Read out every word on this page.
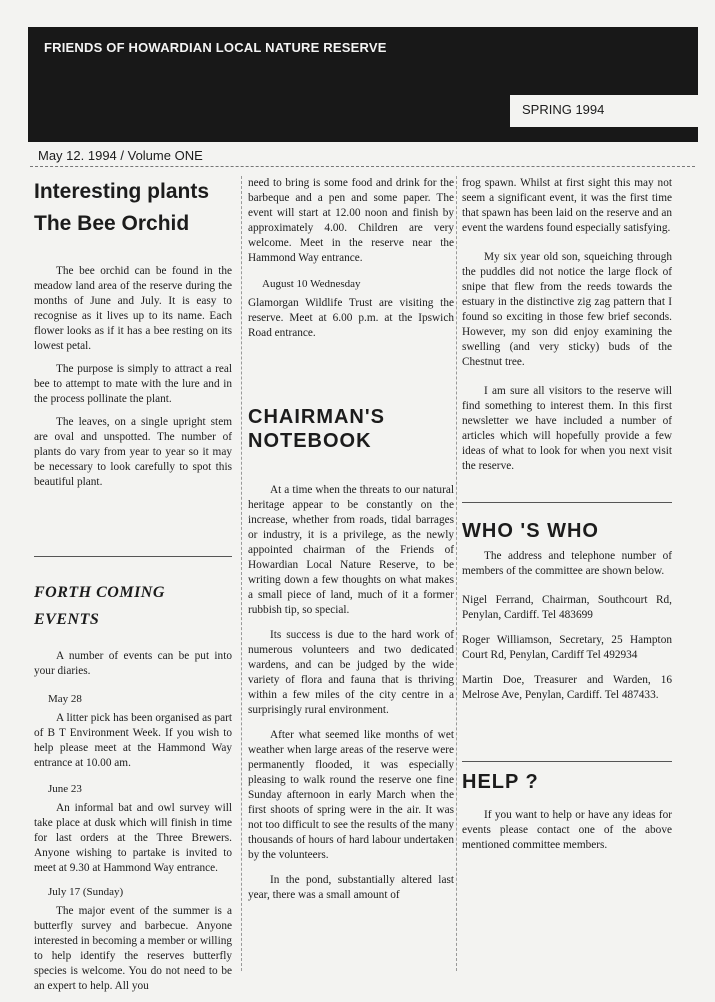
FRIENDS OF HOWARDIAN LOCAL NATURE RESERVE
SPRING 1994
May 12. 1994 / Volume ONE
Interesting plants
The Bee Orchid

The bee orchid can be found in the meadow land area of the reserve during the months of June and July. It is easy to recognise as it lives up to its name. Each flower looks as if it has a bee resting on its lowest petal.

The purpose is simply to attract a real bee to attempt to mate with the lure and in the process pollinate the plant.

The leaves, on a single upright stem are oval and unspotted. The number of plants do vary from year to year so it may be necessary to look carefully to spot this beautiful plant.

FORTH COMING
EVENTS

A number of events can be put into your diaries.

May 28

A litter pick has been organised as part of B T Environment Week. If you wish to help please meet at the Hammond Way entrance at 10.00 am.

June 23

An informal bat and owl survey will take place at dusk which will finish in time for last orders at the Three Brewers. Anyone wishing to partake is invited to meet at 9.30 at Hammond Way entrance.

July 17 (Sunday)

The major event of the summer is a butterfly survey and barbecue. Anyone interested in becoming a member or willing to help identify the reserves butterfly species is welcome. You do not need to be an expert to help. All you

need to bring is some food and drink for the barbeque and a pen and some paper. The event will start at 12.00 noon and finish by approximately 4.00. Children are very welcome. Meet in the reserve near the Hammond Way entrance.

August 10 Wednesday

Glamorgan Wildlife Trust are visiting the reserve. Meet at 6.00 p.m. at the Ipswich Road entrance.

CHAIRMAN'S
NOTEBOOK

At a time when the threats to our natural heritage appear to be constantly on the increase, whether from roads, tidal barrages or industry, it is a privilege, as the newly appointed chairman of the Friends of Howardian Local Nature Reserve, to be writing down a few thoughts on what makes a small piece of land, much of it a former rubbish tip, so special.

Its success is due to the hard work of numerous volunteers and two dedicated wardens, and can be judged by the wide variety of flora and fauna that is thriving within a few miles of the city centre in a surprisingly rural environment.

After what seemed like months of wet weather when large areas of the reserve were permanently flooded, it was especially pleasing to walk round the reserve one fine Sunday afternoon in early March when the first shoots of spring were in the air. It was not too difficult to see the results of the many thousands of hours of hard labour undertaken by the volunteers.

In the pond, substantially altered last year, there was a small amount of

frog spawn. Whilst at first sight this may not seem a significant event, it was the first time that spawn has been laid on the reserve and an event the wardens found especially satisfying.

My six year old son, squeiching through the puddles did not notice the large flock of snipe that flew from the reeds towards the estuary in the distinctive zig zag pattern that I found so exciting in those few brief seconds. However, my son did enjoy examining the swelling (and very sticky) buds of the Chestnut tree.

I am sure all visitors to the reserve will find something to interest them. In this first newsletter we have included a number of articles which will hopefully provide a few ideas of what to look for when you next visit the reserve.

WHO 'S WHO

The address and telephone number of members of the committee are shown below.

Nigel Ferrand, Chairman, Southcourt Rd, Penylan, Cardiff. Tel 483699

Roger Williamson, Secretary, 25 Hampton Court Rd, Penylan, Cardiff Tel 492934

Martin Doe, Treasurer and Warden, 16 Melrose Ave, Penylan, Cardiff. Tel 487433.

HELP ?

If you want to help or have any ideas for events please contact one of the above mentioned committee members.
